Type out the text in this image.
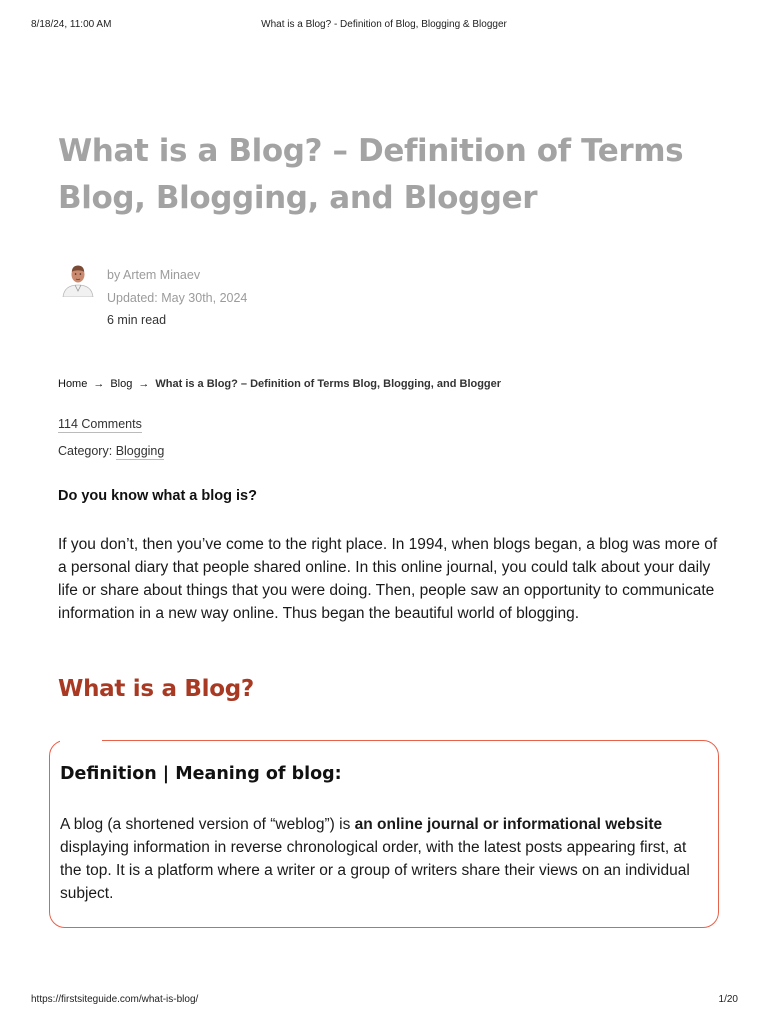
8/18/24, 11:00 AM	What is a Blog? - Definition of Blog, Blogging & Blogger
What is a Blog? – Definition of Terms Blog, Blogging, and Blogger
by Artem Minaev
Updated: May 30th, 2024
6 min read
Home → Blog → What is a Blog? – Definition of Terms Blog, Blogging, and Blogger
114 Comments
Category: Blogging

Do you know what a blog is?

If you don’t, then you’ve come to the right place. In 1994, when blogs began, a blog was more of a personal diary that people shared online. In this online journal, you could talk about your daily life or share about things that you were doing. Then, people saw an opportunity to communicate information in a new way online. Thus began the beautiful world of blogging.

What is a Blog?
Definition | Meaning of blog:

A blog (a shortened version of “weblog”) is an online journal or informational website displaying information in reverse chronological order, with the latest posts appearing first, at the top. It is a platform where a writer or a group of writers share their views on an individual subject.

https://firstsiteguide.com/what-is-blog/	1/20
